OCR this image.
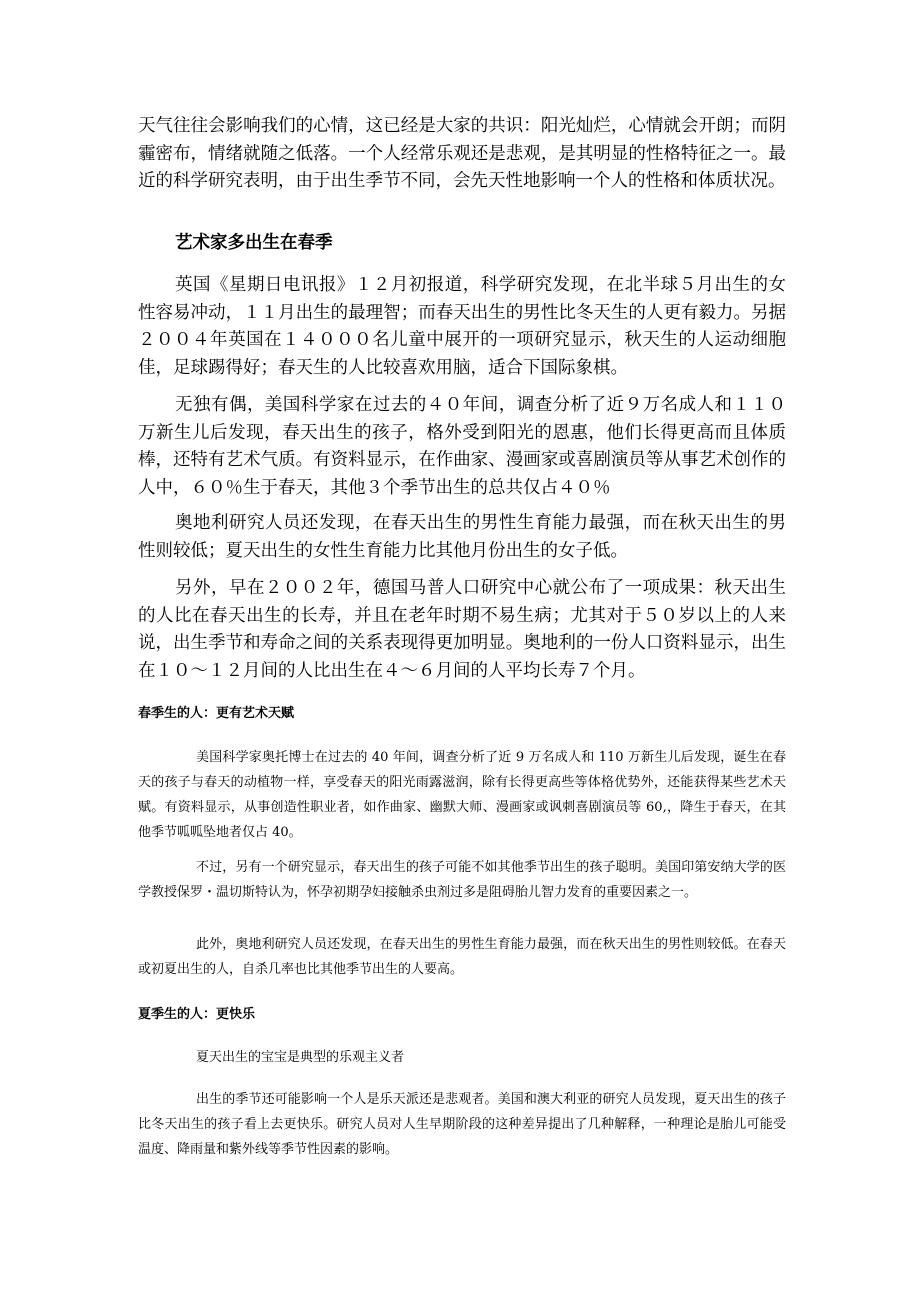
天气往往会影响我们的心情，这已经是大家的共识：阳光灿烂，心情就会开朗；而阴霾密布，情绪就随之低落。一个人经常乐观还是悲观，是其明显的性格特征之一。最近的科学研究表明，由于出生季节不同，会先天性地影响一个人的性格和体质状况。

艺术家多出生在春季

英国《星期日电讯报》１２月初报道，科学研究发现，在北半球５月出生的女性容易冲动，１１月出生的最理智；而春天出生的男性比冬天生的人更有毅力。另据２００４年英国在１４０００名儿童中展开的一项研究显示，秋天生的人运动细胞佳，足球踢得好；春天生的人比较喜欢用脑，适合下国际象棋。

无独有偶，美国科学家在过去的４０年间，调查分析了近９万名成人和１１０万新生儿后发现，春天出生的孩子，格外受到阳光的恩惠，他们长得更高而且体质棒，还特有艺术气质。有资料显示，在作曲家、漫画家或喜剧演员等从事艺术创作的人中，６０％生于春天，其他３个季节出生的总共仅占４０％

奥地利研究人员还发现，在春天出生的男性生育能力最强，而在秋天出生的男性则较低；夏天出生的女性生育能力比其他月份出生的女子低。

另外，早在２００２年，德国马普人口研究中心就公布了一项成果：秋天出生的人比在春天出生的长寿，并且在老年时期不易生病；尤其对于５０岁以上的人来说，出生季节和寿命之间的关系表现得更加明显。奥地利的一份人口资料显示，出生在１０～１２月间的人比出生在４～６月间的人平均长寿７个月。

春季生的人：更有艺术天赋

美国科学家奥托博士在过去的 40 年间，调查分析了近 9 万名成人和 110 万新生儿后发现，诞生在春天的孩子与春天的动植物一样，享受春天的阳光雨露滋润，除有长得更高些等体格优势外，还能获得某些艺术天赋。有资料显示，从事创造性职业者，如作曲家、幽默大师、漫画家或讽刺喜剧演员等 60,，降生于春天，在其他季节呱呱坠地者仅占 40。

不过，另有一个研究显示，春天出生的孩子可能不如其他季节出生的孩子聪明。美国印第安纳大学的医学教授保罗・温切斯特认为，怀孕初期孕妇接触杀虫剂过多是阻碍胎儿智力发育的重要因素之一。

此外，奥地利研究人员还发现，在春天出生的男性生育能力最强，而在秋天出生的男性则较低。在春天或初夏出生的人，自杀几率也比其他季节出生的人要高。

夏季生的人：更快乐

夏天出生的宝宝是典型的乐观主义者

出生的季节还可能影响一个人是乐天派还是悲观者。美国和澳大利亚的研究人员发现，夏天出生的孩子比冬天出生的孩子看上去更快乐。研究人员对人生早期阶段的这种差异提出了几种解释，一种理论是胎儿可能受温度、降雨量和紫外线等季节性因素的影响。
